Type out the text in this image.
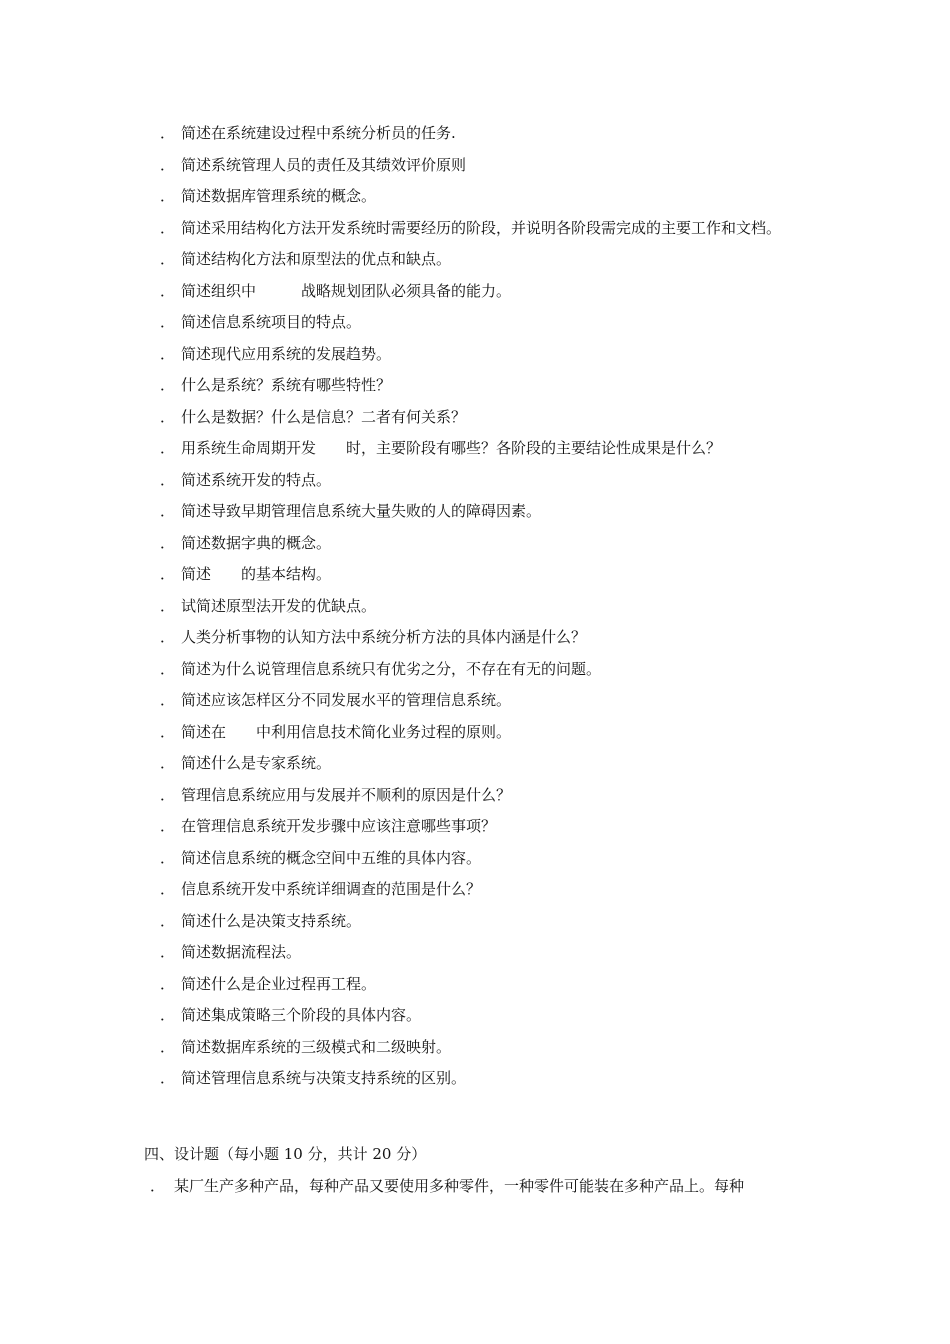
． 简述在系统建设过程中系统分析员的任务.
． 简述系统管理人员的责任及其绩效评价原则
． 简述数据库管理系统的概念。
． 简述采用结构化方法开发系统时需要经历的阶段，并说明各阶段需完成的主要工作和文档。
． 简述结构化方法和原型法的优点和缺点。
． 简述组织中　　　战略规划团队必须具备的能力。
． 简述信息系统项目的特点。
． 简述现代应用系统的发展趋势。
． 什么是系统？系统有哪些特性？
． 什么是数据？什么是信息？二者有何关系？
． 用系统生命周期开发　　时，主要阶段有哪些？各阶段的主要结论性成果是什么？
． 简述系统开发的特点。
． 简述导致早期管理信息系统大量失败的人的障碍因素。
． 简述数据字典的概念。
． 简述　　的基本结构。
． 试简述原型法开发的优缺点。
． 人类分析事物的认知方法中系统分析方法的具体内涵是什么？
． 简述为什么说管理信息系统只有优劣之分，不存在有无的问题。
． 简述应该怎样区分不同发展水平的管理信息系统。
． 简述在　　中利用信息技术简化业务过程的原则。
． 简述什么是专家系统。
． 管理信息系统应用与发展并不顺利的原因是什么？
． 在管理信息系统开发步骤中应该注意哪些事项？
． 简述信息系统的概念空间中五维的具体内容。
． 信息系统开发中系统详细调查的范围是什么？
． 简述什么是决策支持系统。
． 简述数据流程法。
． 简述什么是企业过程再工程。
． 简述集成策略三个阶段的具体内容。
． 简述数据库系统的三级模式和二级映射。
． 简述管理信息系统与决策支持系统的区别。
四、设计题（每小题 10 分，共计 20 分）
． 某厂生产多种产品，每种产品又要使用多种零件，一种零件可能装在多种产品上。每种
